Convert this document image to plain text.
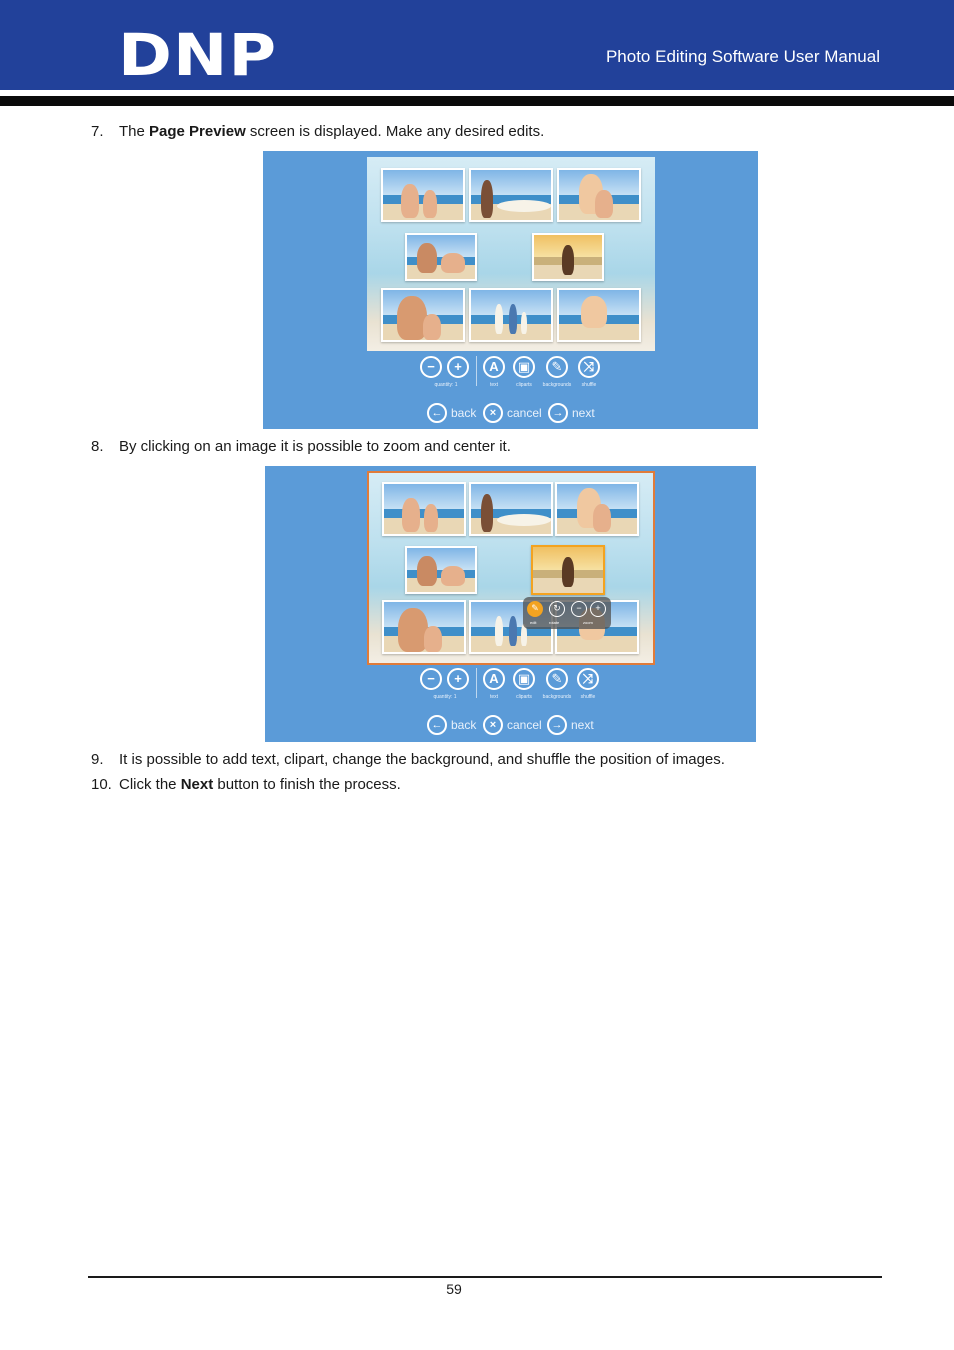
DNP	Photo Editing Software User Manual
7. The Page Preview screen is displayed. Make any desired edits.
−	+
quantity: 1
A
text
▣
cliparts
✎
backgrounds
⤨
shuffle
← back	× cancel → next
8. By clicking on an image it is possible to zoom and center it.
✎
edit
↻
rotate
−	+
zoom
−	+
quantity: 1
A
text
▣
cliparts
✎
backgrounds
⤨
shuffle
← back	× cancel → next
9. It is possible to add text, clipart, change the background, and shuffle the position of images.
10. Click the Next button to finish the process.
59
